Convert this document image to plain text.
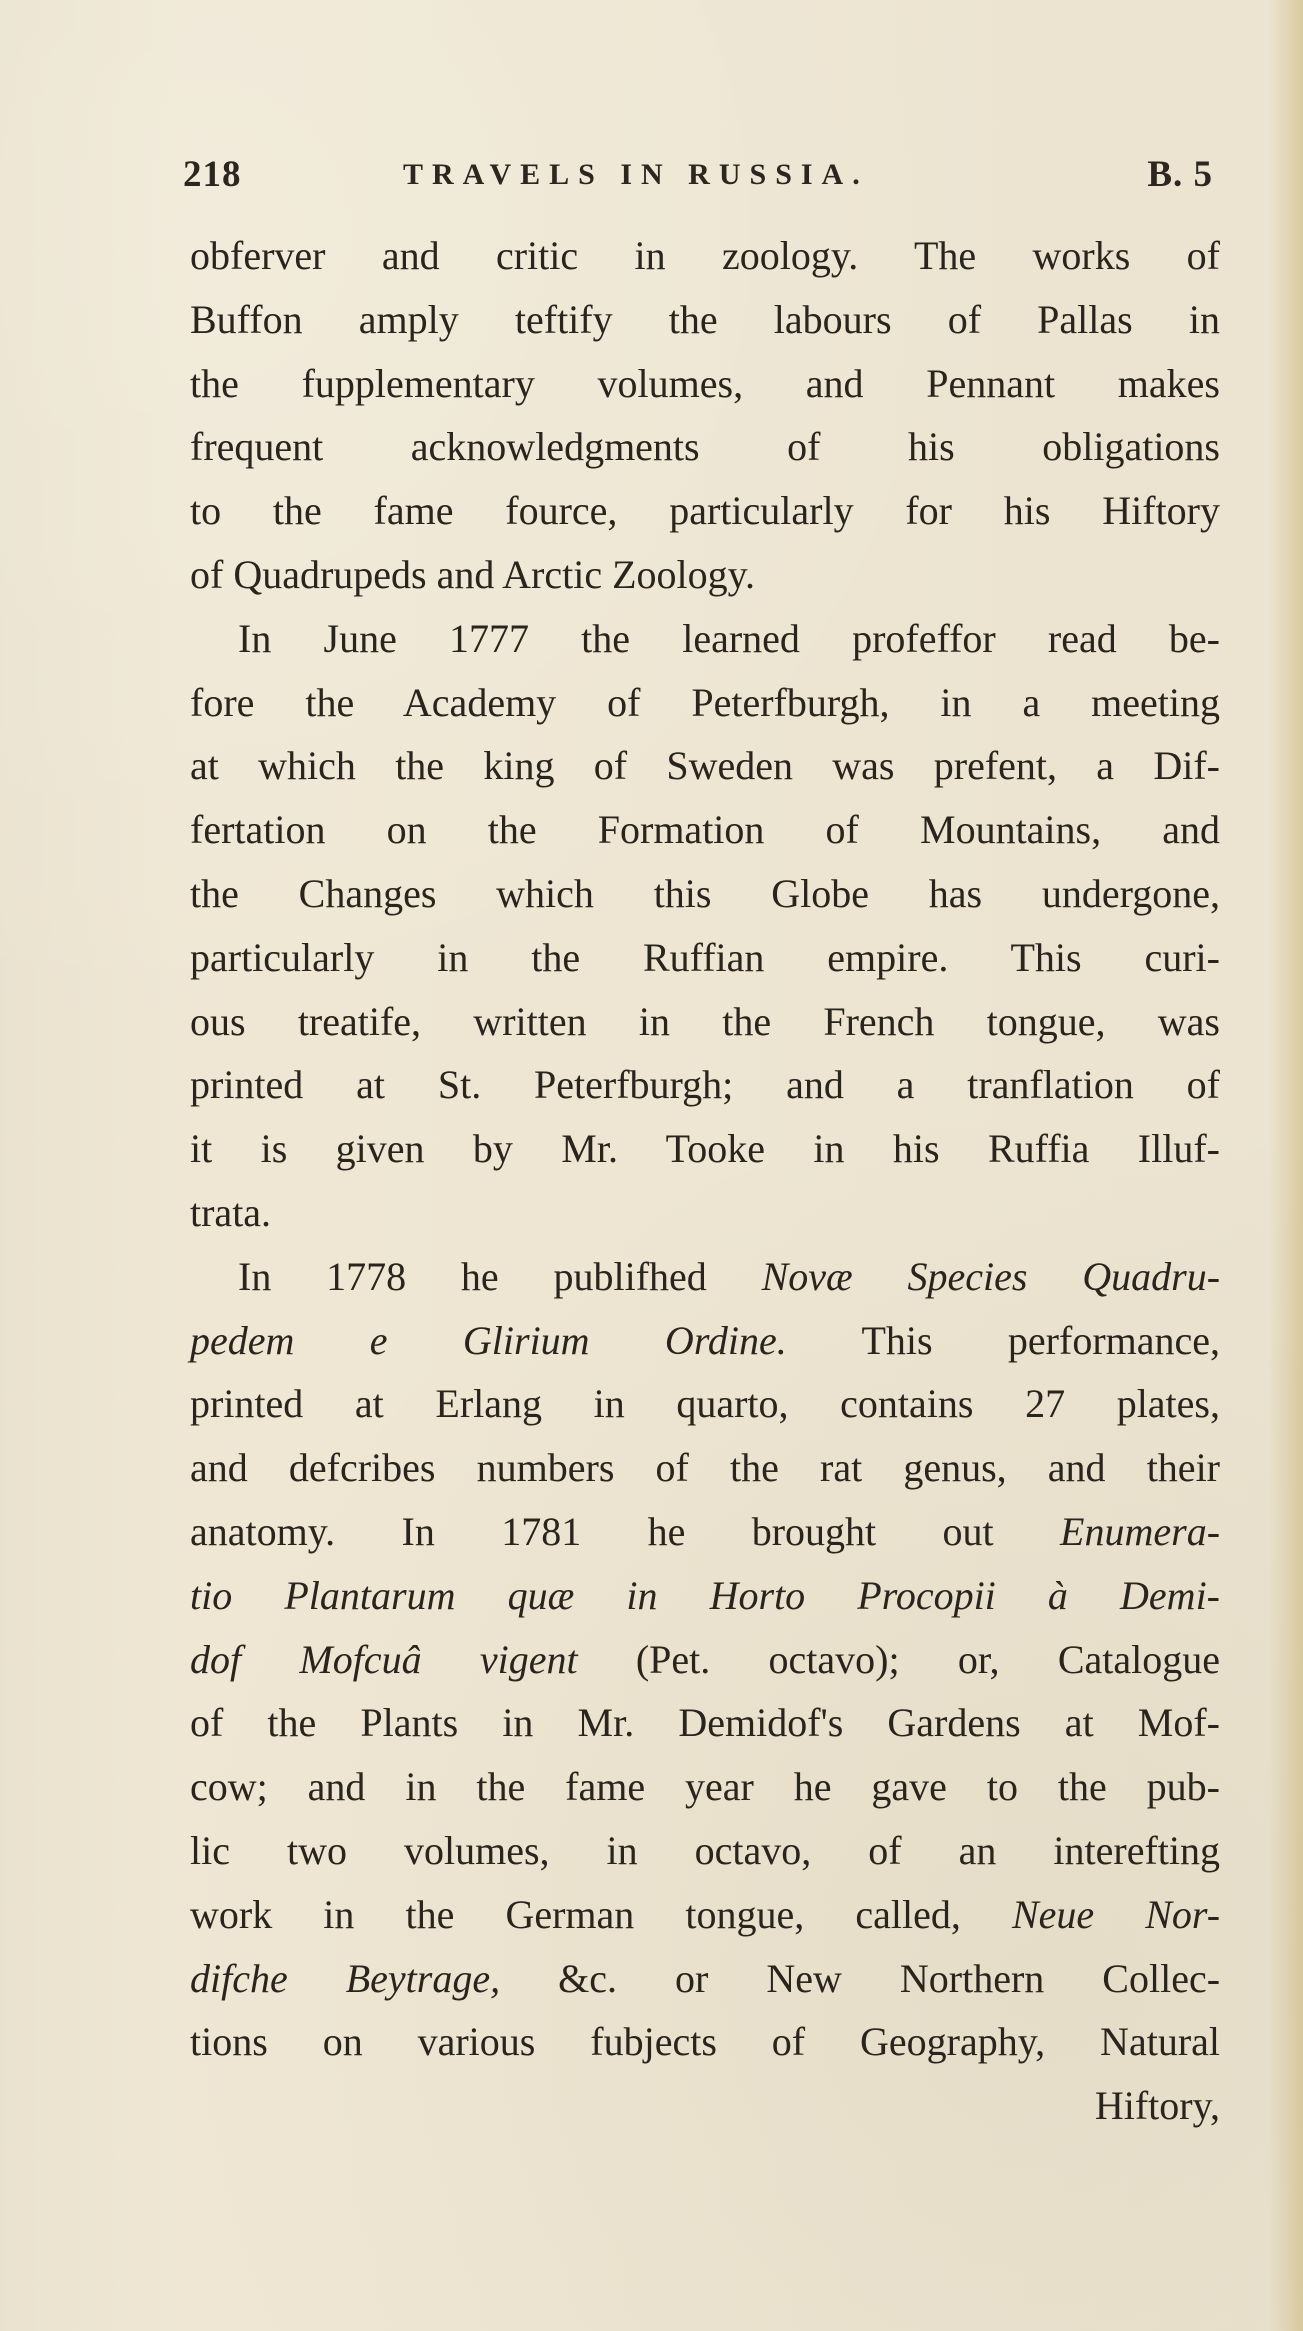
218	TRAVELS IN RUSSIA.	B. 5
obferver and critic in zoology. The works of
Buffon amply teftify the labours of Pallas in
the fupplementary volumes, and Pennant makes
frequent acknowledgments of his obligations
to the fame fource, particularly for his Hiftory
of Quadrupeds and Arctic Zoology.
In June 1777 the learned profeffor read be-
fore the Academy of Peterfburgh, in a meeting
at which the king of Sweden was prefent, a Dif-
fertation on the Formation of Mountains, and
the Changes which this Globe has undergone,
particularly in the Ruffian empire. This curi-
ous treatife, written in the French tongue, was
printed at St. Peterfburgh; and a tranflation of
it is given by Mr. Tooke in his Ruffia Illuf-
trata.
In 1778 he publifhed Novæ Species Quadru-
pedem e Glirium Ordine. This performance,
printed at Erlang in quarto, contains 27 plates,
and defcribes numbers of the rat genus, and their
anatomy. In 1781 he brought out Enumera-
tio Plantarum quæ in Horto Procopii à Demi-
dof Mofcuâ vigent (Pet. octavo); or, Catalogue
of the Plants in Mr. Demidof's Gardens at Mof-
cow; and in the fame year he gave to the pub-
lic two volumes, in octavo, of an interefting
work in the German tongue, called, Neue Nor-
difche Beytrage, &c. or New Northern Collec-
tions on various fubjects of Geography, Natural
Hiftory,
